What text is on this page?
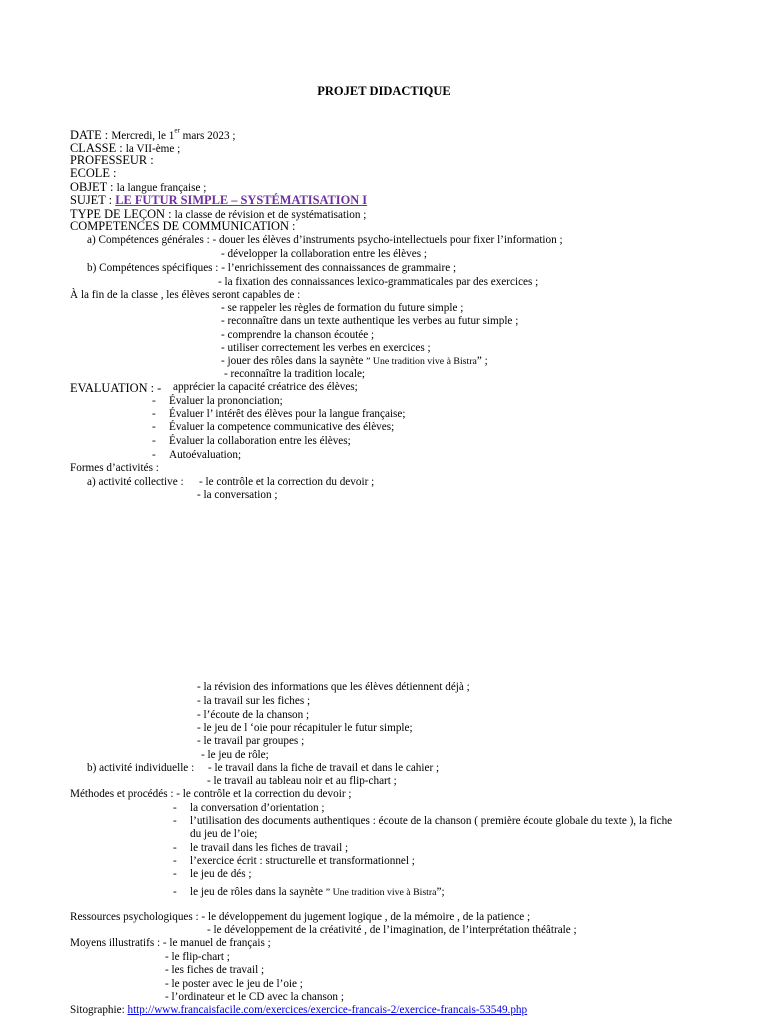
PROJET DIDACTIQUE
DATE : Mercredi, le 1er mars 2023 ;
CLASSE : la VII-ème ;
PROFESSEUR :
ECOLE :
OBJET : la langue française ;
SUJET : LE FUTUR SIMPLE – SYSTÉMATISATION I
TYPE DE LEÇON : la classe de révision et de systématisation ;
COMPETENCES DE COMMUNICATION :
a) Compétences générales : - douer les élèves d’instruments psycho-intellectuels pour fixer l’information ;
- développer la collaboration entre les élèves ;
b) Compétences spécifiques : - l’enrichissement des connaissances de grammaire ;
- la fixation des connaissances lexico-grammaticales par des exercices ;
À la fin de la classe , les élèves seront capables de :
- se rappeler les règles de formation du future simple ;
- reconnaître dans un texte authentique les verbes au futur simple ;
- comprendre la chanson écoutée ;
- utiliser correctement les verbes en exercices ;
- jouer des rôles dans la saynète ” Une tradition vive à Bistra” ;
- reconnaître la tradition locale;
EVALUATION : - apprécier la capacité créatrice des élèves;
- Évaluer la prononciation;
- Évaluer l’ intérêt des élèves pour la langue française;
- Évaluer la competence communicative des élèves;
- Évaluer la collaboration entre les élèves;
- Autoévaluation;
Formes d’activités :
a) activité collective : - le contrôle et la correction du devoir ;
- la conversation ;
- la révision des informations que les élèves détiennent déjà ;
- la travail sur les fiches ;
- l’écoute de la chanson ;
- le jeu de l ‘oie pour récapituler le futur simple;
- le travail par groupes ;
- le jeu de rôle;
b) activité individuelle : - le travail dans la fiche de travail et dans le cahier ;
- le travail au tableau noir et au flip-chart ;
Méthodes et procédés : - le contrôle et la correction du devoir ;
- la conversation d’orientation ;
- l’utilisation des documents authentiques : écoute de la chanson ( première écoute globale du texte ), la fiche
du jeu de l’oie;
- le travail dans les fiches de travail ;
- l’exercice écrit : structurelle et transformationnel ;
- le jeu de dés ;
- le jeu de rôles dans la saynète ” Une tradition vive à Bistra”;
Ressources psychologiques : - le développement du jugement logique , de la mémoire , de la patience ;
- le développement de la créativité , de l’imagination, de l’interprétation théâtrale ;
Moyens illustratifs : - le manuel de français ;
- le flip-chart ;
- les fiches de travail ;
- le poster avec le jeu de l’oie ;
- l’ordinateur et le CD avec la chanson ;
Sitographie: http://www.francaisfacile.com/exercices/exercice-francais-2/exercice-francais-53549.php
